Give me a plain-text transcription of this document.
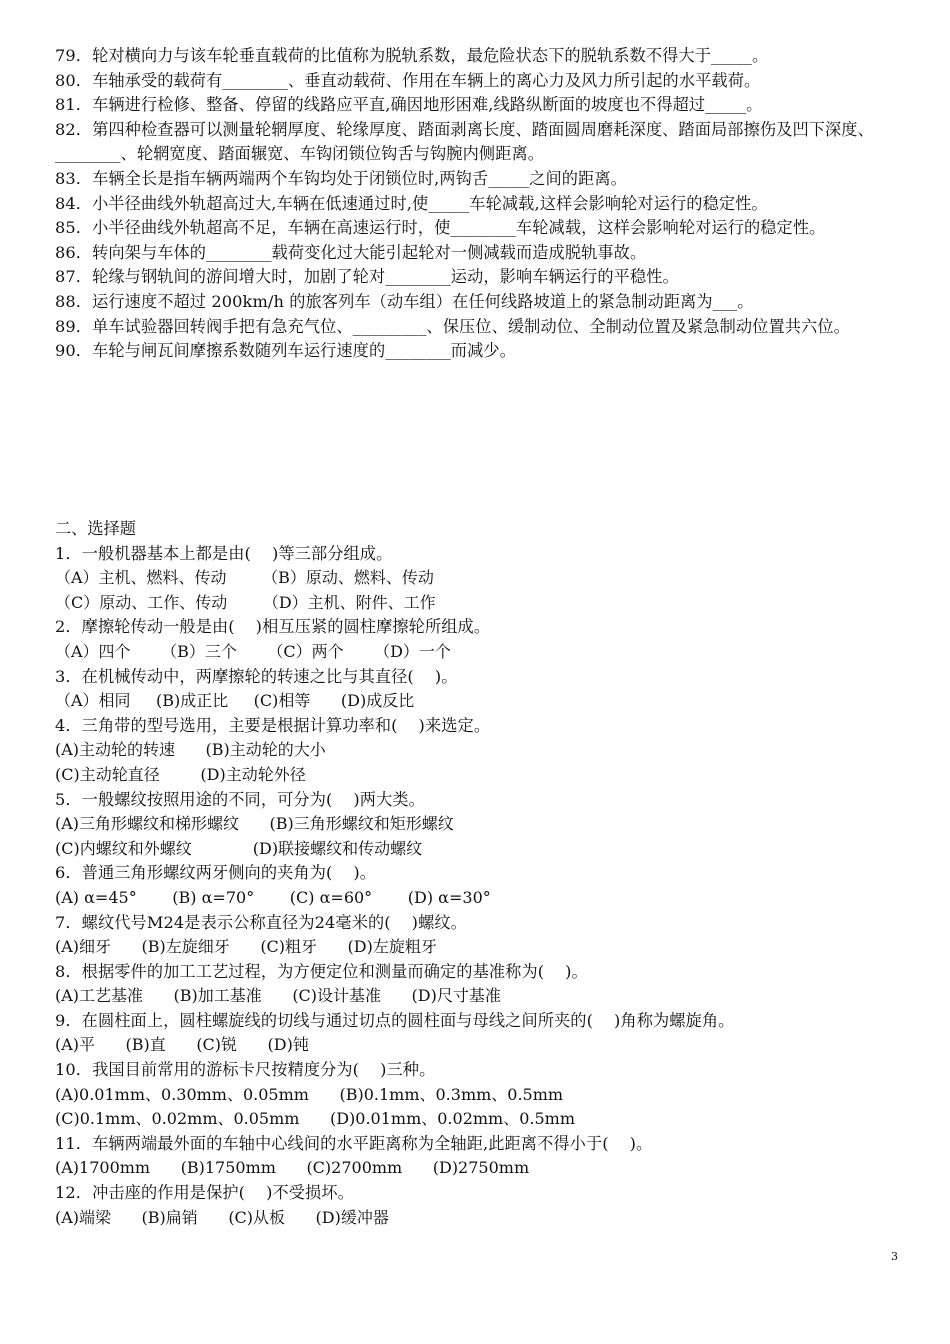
79．轮对横向力与该车轮垂直载荷的比值称为脱轨系数，最危险状态下的脱轨系数不得大于_____。
80．车轴承受的载荷有________、垂直动载荷、作用在车辆上的离心力及风力所引起的水平载荷。
81．车辆进行检修、整备、停留的线路应平直,确因地形困难,线路纵断面的坡度也不得超过_____。
82．第四种检查器可以测量轮辋厚度、轮缘厚度、踏面剥离长度、踏面圆周磨耗深度、踏面局部擦伤及凹下深度、________、轮辋宽度、踏面辗宽、车钩闭锁位钩舌与钩腕内侧距离。
83．车辆全长是指车辆两端两个车钩均处于闭锁位时,两钩舌_____之间的距离。
84．小半径曲线外轨超高过大,车辆在低速通过时,使_____车轮减载,这样会影响轮对运行的稳定性。
85．小半径曲线外轨超高不足，车辆在高速运行时，使________车轮减载，这样会影响轮对运行的稳定性。
86．转向架与车体的________载荷变化过大能引起轮对一侧减载而造成脱轨事故。
87．轮缘与钢轨间的游间增大时，加剧了轮对________运动，影响车辆运行的平稳性。
88．运行速度不超过 200km/h 的旅客列车（动车组）在任何线路坡道上的紧急制动距离为___。
89．单车试验器回转阀手把有急充气位、_________、保压位、缓制动位、全制动位置及紧急制动位置共六位。
90．车轮与闸瓦间摩擦系数随列车运行速度的________而减少。
二、选择题
1．一般机器基本上都是由(    )等三部分组成。
（A）主机、燃料、传动       （B）原动、燃料、传动
（C）原动、工作、传动       （D）主机、附件、工作
2．摩擦轮传动一般是由(    )相互压紧的圆柱摩擦轮所组成。
（A）四个      （B）三个      （C）两个      （D）一个
3．在机械传动中，两摩擦轮的转速之比与其直径(    )。
（A）相同     (B)成正比     (C)相等      (D)成反比
4．三角带的型号选用，主要是根据计算功率和(    )来选定。
(A)主动轮的转速      (B)主动轮的大小
(C)主动轮直径        (D)主动轮外径
5．一般螺纹按照用途的不同，可分为(    )两大类。
(A)三角形螺纹和梯形螺纹      (B)三角形螺纹和矩形螺纹
(C)内螺纹和外螺纹            (D)联接螺纹和传动螺纹
6．普通三角形螺纹两牙侧向的夹角为(    )。
(A) α=45°       (B) α=70°       (C) α=60°       (D) α=30°
7．螺纹代号M24是表示公称直径为24毫米的(    )螺纹。
(A)细牙      (B)左旋细牙      (C)粗牙      (D)左旋粗牙
8．根据零件的加工工艺过程，为方便定位和测量而确定的基准称为(    )。
(A)工艺基准      (B)加工基准      (C)设计基准      (D)尺寸基准
9．在圆柱面上，圆柱螺旋线的切线与通过切点的圆柱面与母线之间所夹的(    )角称为螺旋角。
(A)平      (B)直      (C)锐      (D)钝
10．我国目前常用的游标卡尺按精度分为(    )三种。
(A)0.01mm、0.30mm、0.05mm      (B)0.1mm、0.3mm、0.5mm
(C)0.1mm、0.02mm、0.05mm      (D)0.01mm、0.02mm、0.5mm
11．车辆两端最外面的车轴中心线间的水平距离称为全轴距,此距离不得小于(    )。
(A)1700mm      (B)1750mm      (C)2700mm      (D)2750mm
12．冲击座的作用是保护(    )不受损坏。
(A)端梁      (B)扁销      (C)从板      (D)缓冲器
3
